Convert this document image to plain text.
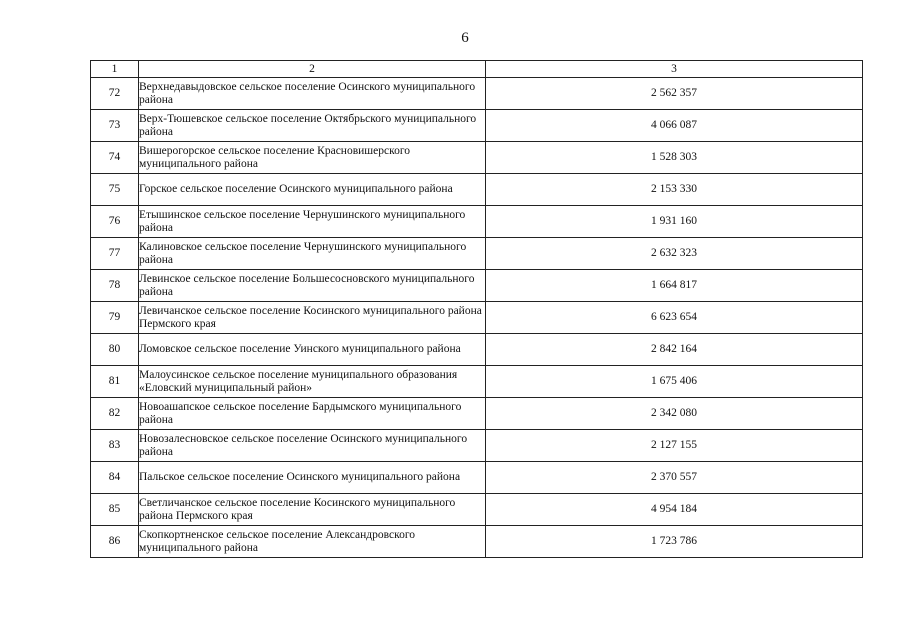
6
1	2	3
72	Верхнедавыдовское сельское поселение Осинского муниципального района	2 562 357
73	Верх-Тюшевское сельское поселение Октябрьского муниципального района	4 066 087
74	Вишерогорское сельское поселение Красновишерского муниципального района	1 528 303
75	Горское сельское поселение Осинского муниципального района	2 153 330
76	Етышинское сельское поселение Чернушинского муниципального района	1 931 160
77	Калиновское сельское поселение Чернушинского муниципального района	2 632 323
78	Левинское сельское поселение Большесосновского муниципального района	1 664 817
79	Левичанское сельское поселение Косинского муниципального района Пермского края	6 623 654
80	Ломовское сельское поселение Уинского муниципального района	2 842 164
81	Малоусинское сельское поселение муниципального образования «Еловский муниципальный район»	1 675 406
82	Новоашапское сельское поселение Бардымского муниципального района	2 342 080
83	Новозалесновское сельское поселение Осинского муниципального района	2 127 155
84	Пальское сельское поселение Осинского муниципального района	2 370 557
85	Светличанское сельское поселение Косинского муниципального района Пермского края	4 954 184
86	Скопкортненское сельское поселение Александровского муниципального района	1 723 786
